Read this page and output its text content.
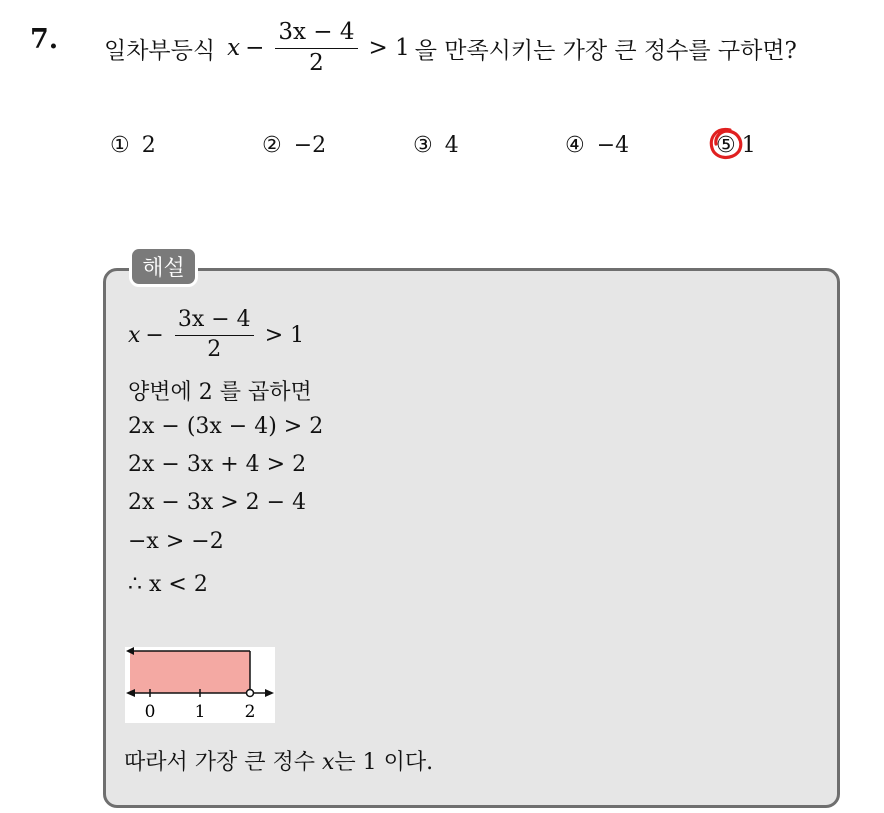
7. 일차부등식 $x - \frac{3x - 4}{2} > 1$ 을 만족시키는 가장 큰 정수를 구하면?
① 2	② −2	③ 4	④ −4	⑤ 1
해설
$x - \frac{3x - 4}{2} > 1$
양변에 2 를 곱하면
2x − (3x − 4) > 2
2x − 3x + 4 > 2
2x − 3x > 2 − 4
−x > −2
∴ x < 2
0 1 2
따라서 가장 큰 정수 x는 1 이다.
